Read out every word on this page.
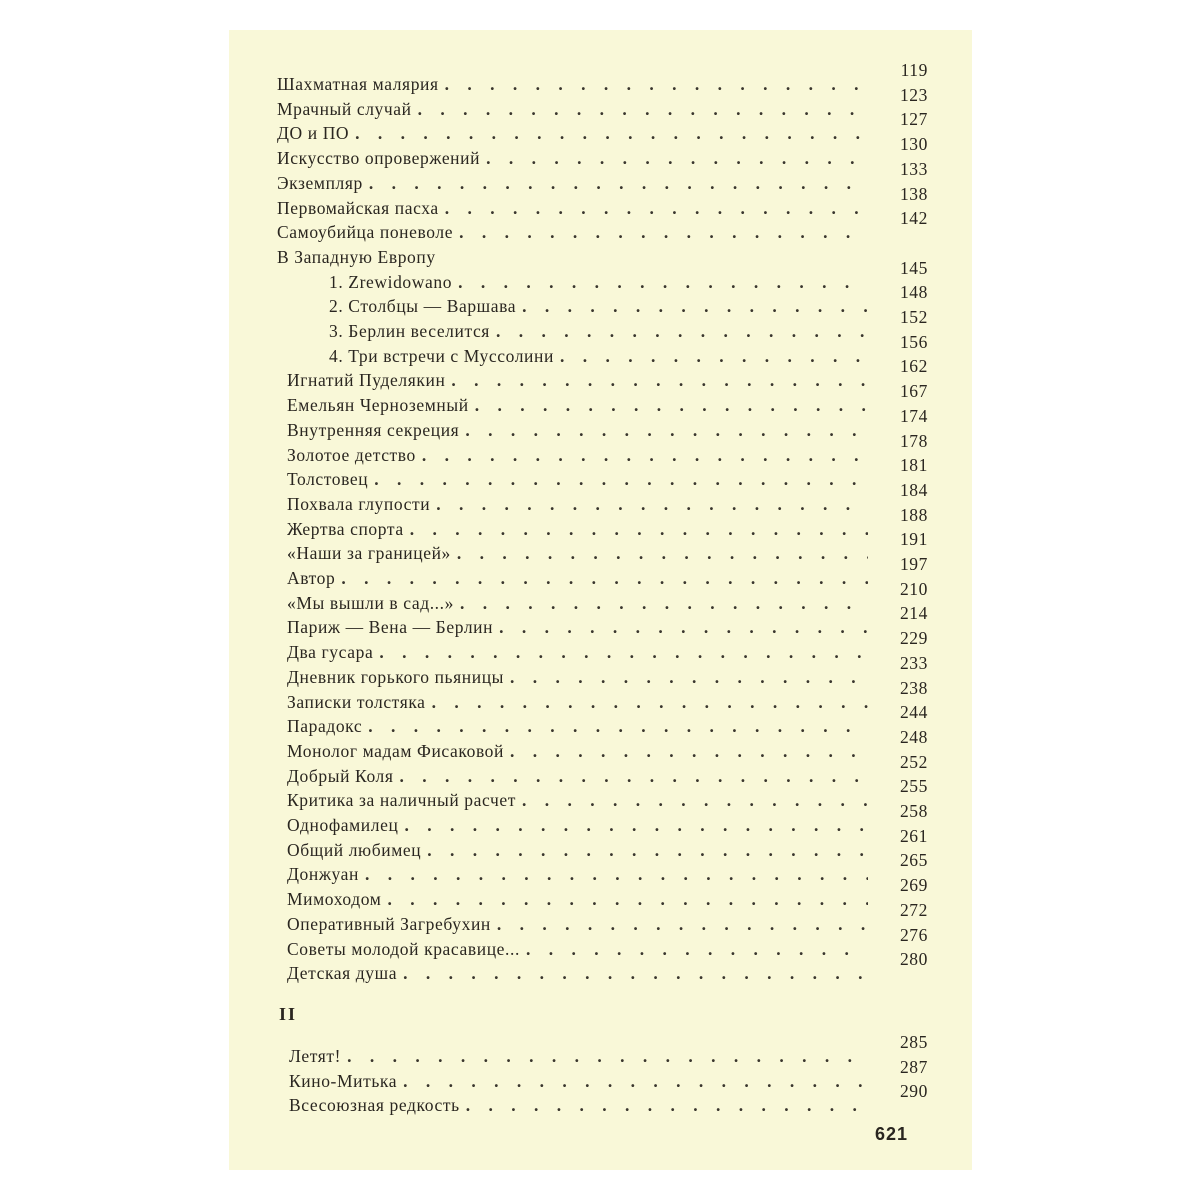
Шахматная малярия
. . .
119
Мрачный случай
. . .
123
ДО и ПО
. . .
127
Искусство опровержений
. . .
130
Экземпляр
. . .
133
Первомайская пасха
. . .
138
Самоубийца поневоле
. . .
142
В Западную Европу
1. Zrewidowano
. . .
145
2. Столбцы — Варшава
. . .
148
3. Берлин веселится
. . .
152
4. Три встречи с Муссолини
. . .
156
Игнатий Пуделякин
. . .
162
Емельян Черноземный
. . .
167
Внутренняя секреция
. . .
174
Золотое детство
. . .
178
Толстовец
. . .
181
Похвала глупости
. . .
184
Жертва спорта
. . .
188
«Наши за границей»
. . .
191
Автор
. . .
197
«Мы вышли в сад...»
. . .
210
Париж — Вена — Берлин
. . .
214
Два гусара
. . .
229
Дневник горького пьяницы
. . .
233
Записки толстяка
. . .
238
Парадокс
. . .
244
Монолог мадам Фисаковой
. . .
248
Добрый Коля
. . .
252
Критика за наличный расчет
. . .
255
Однофамилец
. . .
258
Общий любимец
. . .
261
Донжуан
. . .
265
Мимоходом
. . .
269
Оперативный Загребухин
. . .
272
Советы молодой красавице...
. . .
276
Детская душа
. . .
280
II
Летят!
. . .
285
Кино-Митька
. . .
287
Всесоюзная редкость
. . .
290
621
